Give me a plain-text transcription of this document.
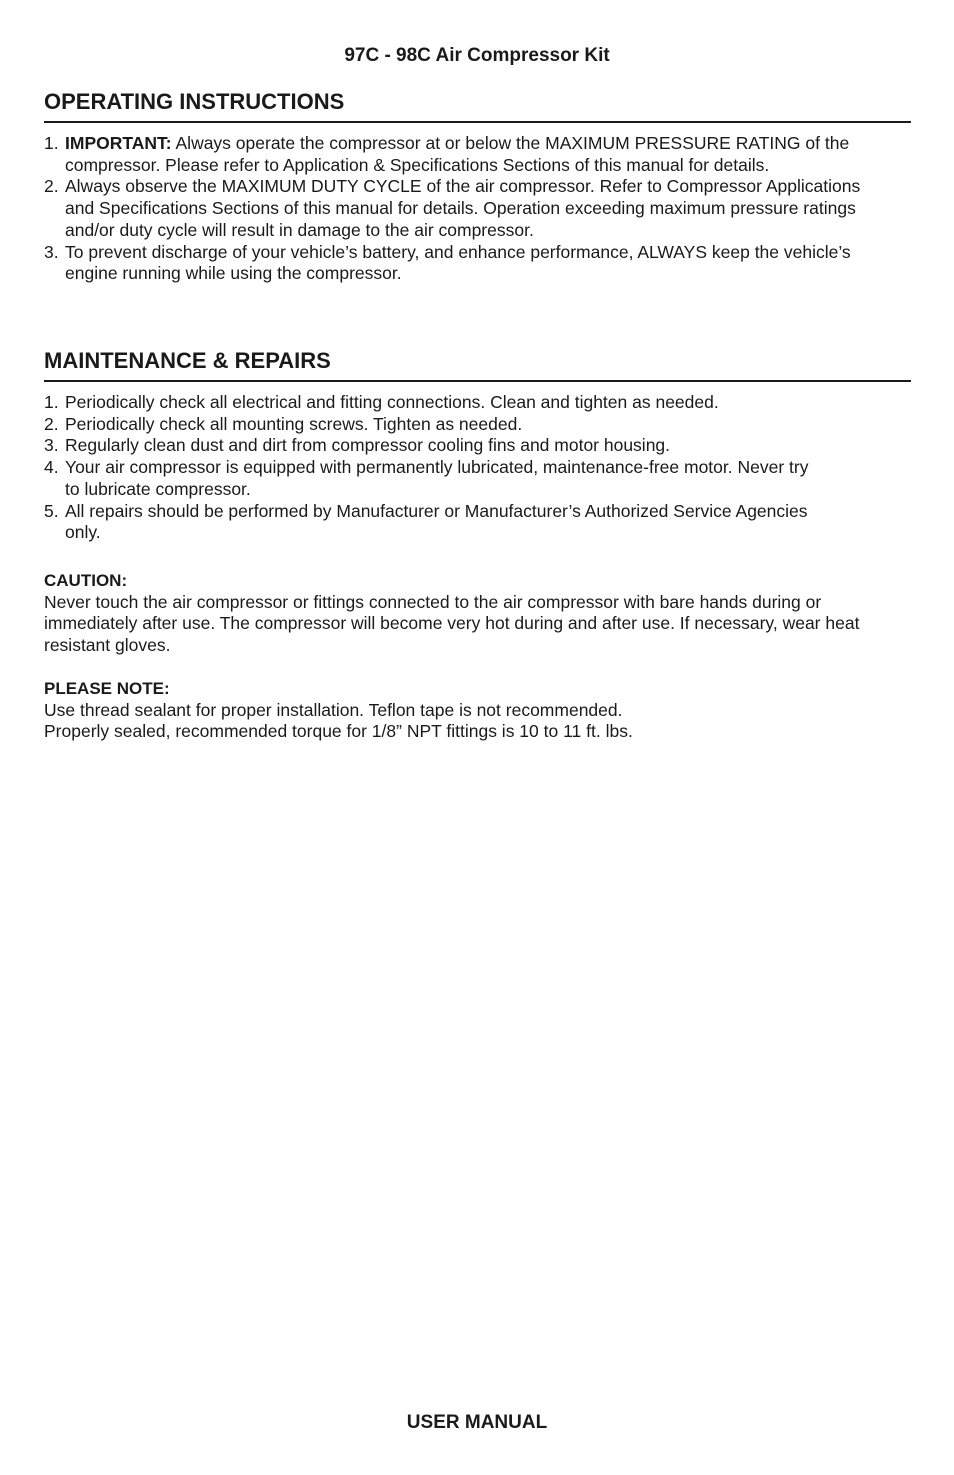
97C - 98C Air Compressor Kit
OPERATING INSTRUCTIONS
1. IMPORTANT: Always operate the compressor at or below the MAXIMUM PRESSURE RATING of the compressor. Please refer to Application & Specifications Sections of this manual for details.
2. Always observe the MAXIMUM DUTY CYCLE of the air compressor. Refer to Compressor Applications and Specifications Sections of this manual for details. Operation exceeding maximum pressure ratings and/or duty cycle will result in damage to the air compressor.
3. To prevent discharge of your vehicle’s battery, and enhance performance, ALWAYS keep the vehicle’s engine running while using the compressor.
MAINTENANCE & REPAIRS
1. Periodically check all electrical and fitting connections. Clean and tighten as needed.
2. Periodically check all mounting screws. Tighten as needed.
3. Regularly clean dust and dirt from compressor cooling fins and motor housing.
4. Your air compressor is equipped with permanently lubricated, maintenance-free motor. Never try to lubricate compressor.
5. All repairs should be performed by Manufacturer or Manufacturer’s Authorized Service Agencies only.
CAUTION:
Never touch the air compressor or fittings connected to the air compressor with bare hands during or immediately after use. The compressor will become very hot during and after use. If necessary, wear heat resistant gloves.
PLEASE NOTE:
Use thread sealant for proper installation. Teflon tape is not recommended.
Properly sealed, recommended torque for 1/8” NPT fittings is 10 to 11 ft. lbs.
USER MANUAL
